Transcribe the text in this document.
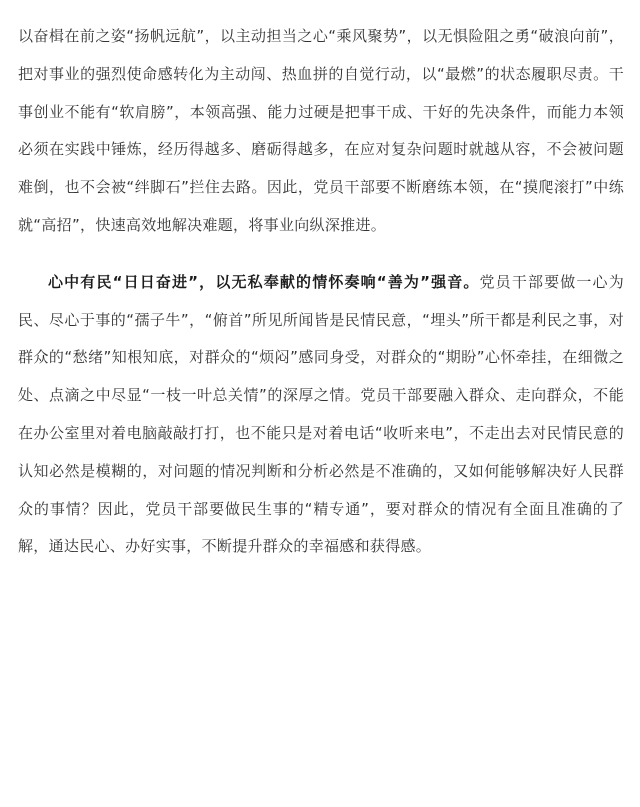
以奋楫在前之姿“扬帆远航”，以主动担当之心“乘风聚势”，以无惧险阻之勇“破浪向前”，把对事业的强烈使命感转化为主动闯、热血拼的自觉行动，以“最燃”的状态履职尽责。干事创业不能有“软肩膀”，本领高强、能力过硬是把事干成、干好的先决条件，而能力本领必须在实践中锤炼，经历得越多、磨砺得越多，在应对复杂问题时就越从容，不会被问题难倒，也不会被“绊脚石”拦住去路。因此，党员干部要不断磨练本领，在“摸爬滚打”中练就“高招”，快速高效地解决难题，将事业向纵深推进。

心中有民“日日奋进”，以无私奉献的情怀奏响“善为”强音。党员干部要做一心为民、尽心于事的“孺子牛”，“俯首”所见所闻皆是民情民意，“埋头”所干都是利民之事，对群众的“愁绪”知根知底，对群众的“烦闷”感同身受，对群众的“期盼”心怀牵挂，在细微之处、点滴之中尽显“一枝一叶总关情”的深厚之情。党员干部要融入群众、走向群众，不能在办公室里对着电脑敲敲打打，也不能只是对着电话“收听来电”，不走出去对民情民意的认知必然是模糊的，对问题的情况判断和分析必然是不准确的，又如何能够解决好人民群众的事情？因此，党员干部要做民生事的“精专通”，要对群众的情况有全面且准确的了解，通达民心、办好实事，不断提升群众的幸福感和获得感。
